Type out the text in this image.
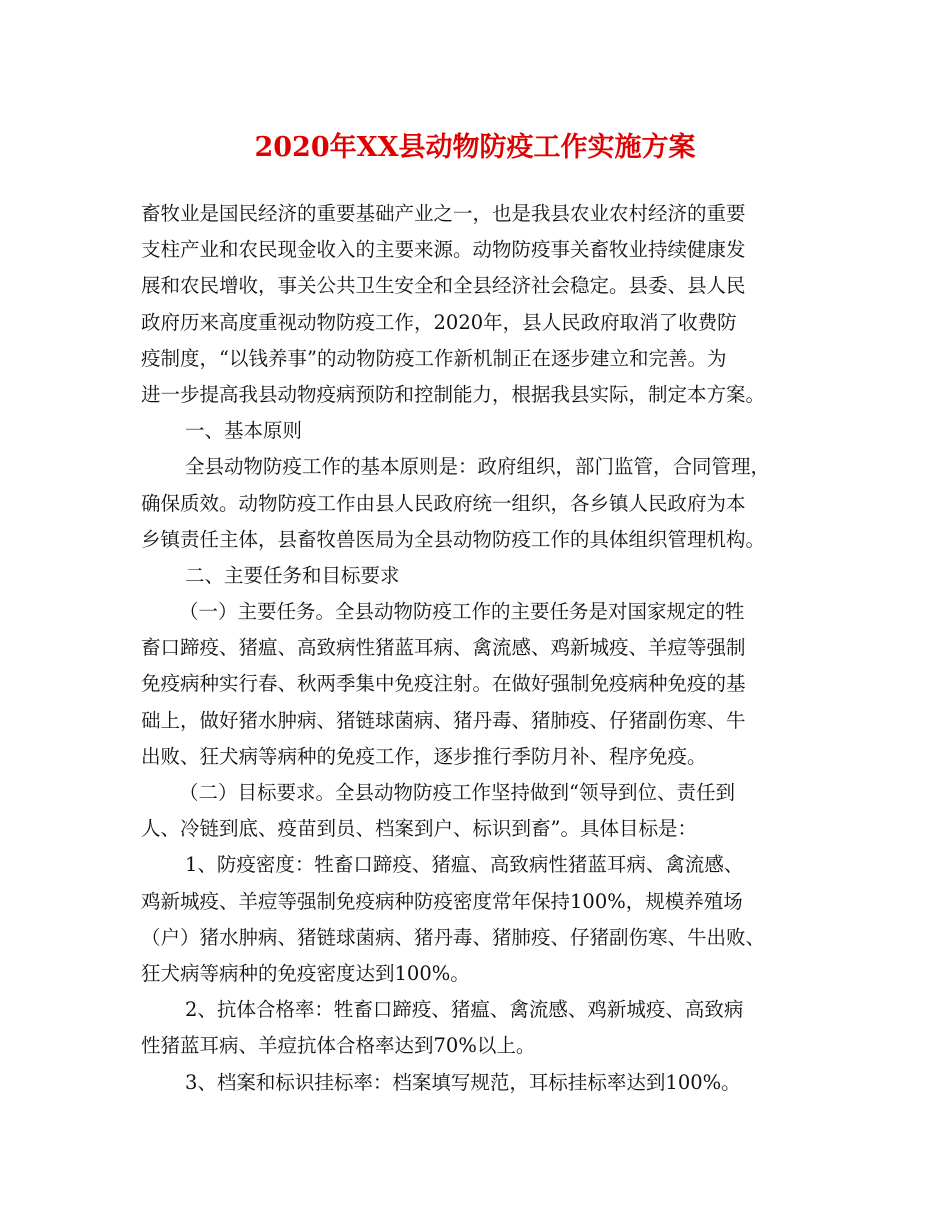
2020年XX县动物防疫工作实施方案
畜牧业是国民经济的重要基础产业之一，也是我县农业农村经济的重要
支柱产业和农民现金收入的主要来源。动物防疫事关畜牧业持续健康发
展和农民增收，事关公共卫生安全和全县经济社会稳定。县委、县人民
政府历来高度重视动物防疫工作，2020年，县人民政府取消了收费防
疫制度，“以钱养事”的动物防疫工作新机制正在逐步建立和完善。为
进一步提高我县动物疫病预防和控制能力，根据我县实际，制定本方案。
一、基本原则
全县动物防疫工作的基本原则是：政府组织，部门监管，合同管理，
确保质效。动物防疫工作由县人民政府统一组织，各乡镇人民政府为本
乡镇责任主体，县畜牧兽医局为全县动物防疫工作的具体组织管理机构。
二、主要任务和目标要求
（一）主要任务。全县动物防疫工作的主要任务是对国家规定的牲
畜口蹄疫、猪瘟、高致病性猪蓝耳病、禽流感、鸡新城疫、羊痘等强制
免疫病种实行春、秋两季集中免疫注射。在做好强制免疫病种免疫的基
础上，做好猪水肿病、猪链球菌病、猪丹毒、猪肺疫、仔猪副伤寒、牛
出败、狂犬病等病种的免疫工作，逐步推行季防月补、程序免疫。
（二）目标要求。全县动物防疫工作坚持做到“领导到位、责任到
人、冷链到底、疫苗到员、档案到户、标识到畜”。具体目标是：
1、防疫密度：牲畜口蹄疫、猪瘟、高致病性猪蓝耳病、禽流感、
鸡新城疫、羊痘等强制免疫病种防疫密度常年保持100%，规模养殖场
（户）猪水肿病、猪链球菌病、猪丹毒、猪肺疫、仔猪副伤寒、牛出败、
狂犬病等病种的免疫密度达到100%。
2、抗体合格率：牲畜口蹄疫、猪瘟、禽流感、鸡新城疫、高致病
性猪蓝耳病、羊痘抗体合格率达到70%以上。
3、档案和标识挂标率：档案填写规范，耳标挂标率达到100%。
